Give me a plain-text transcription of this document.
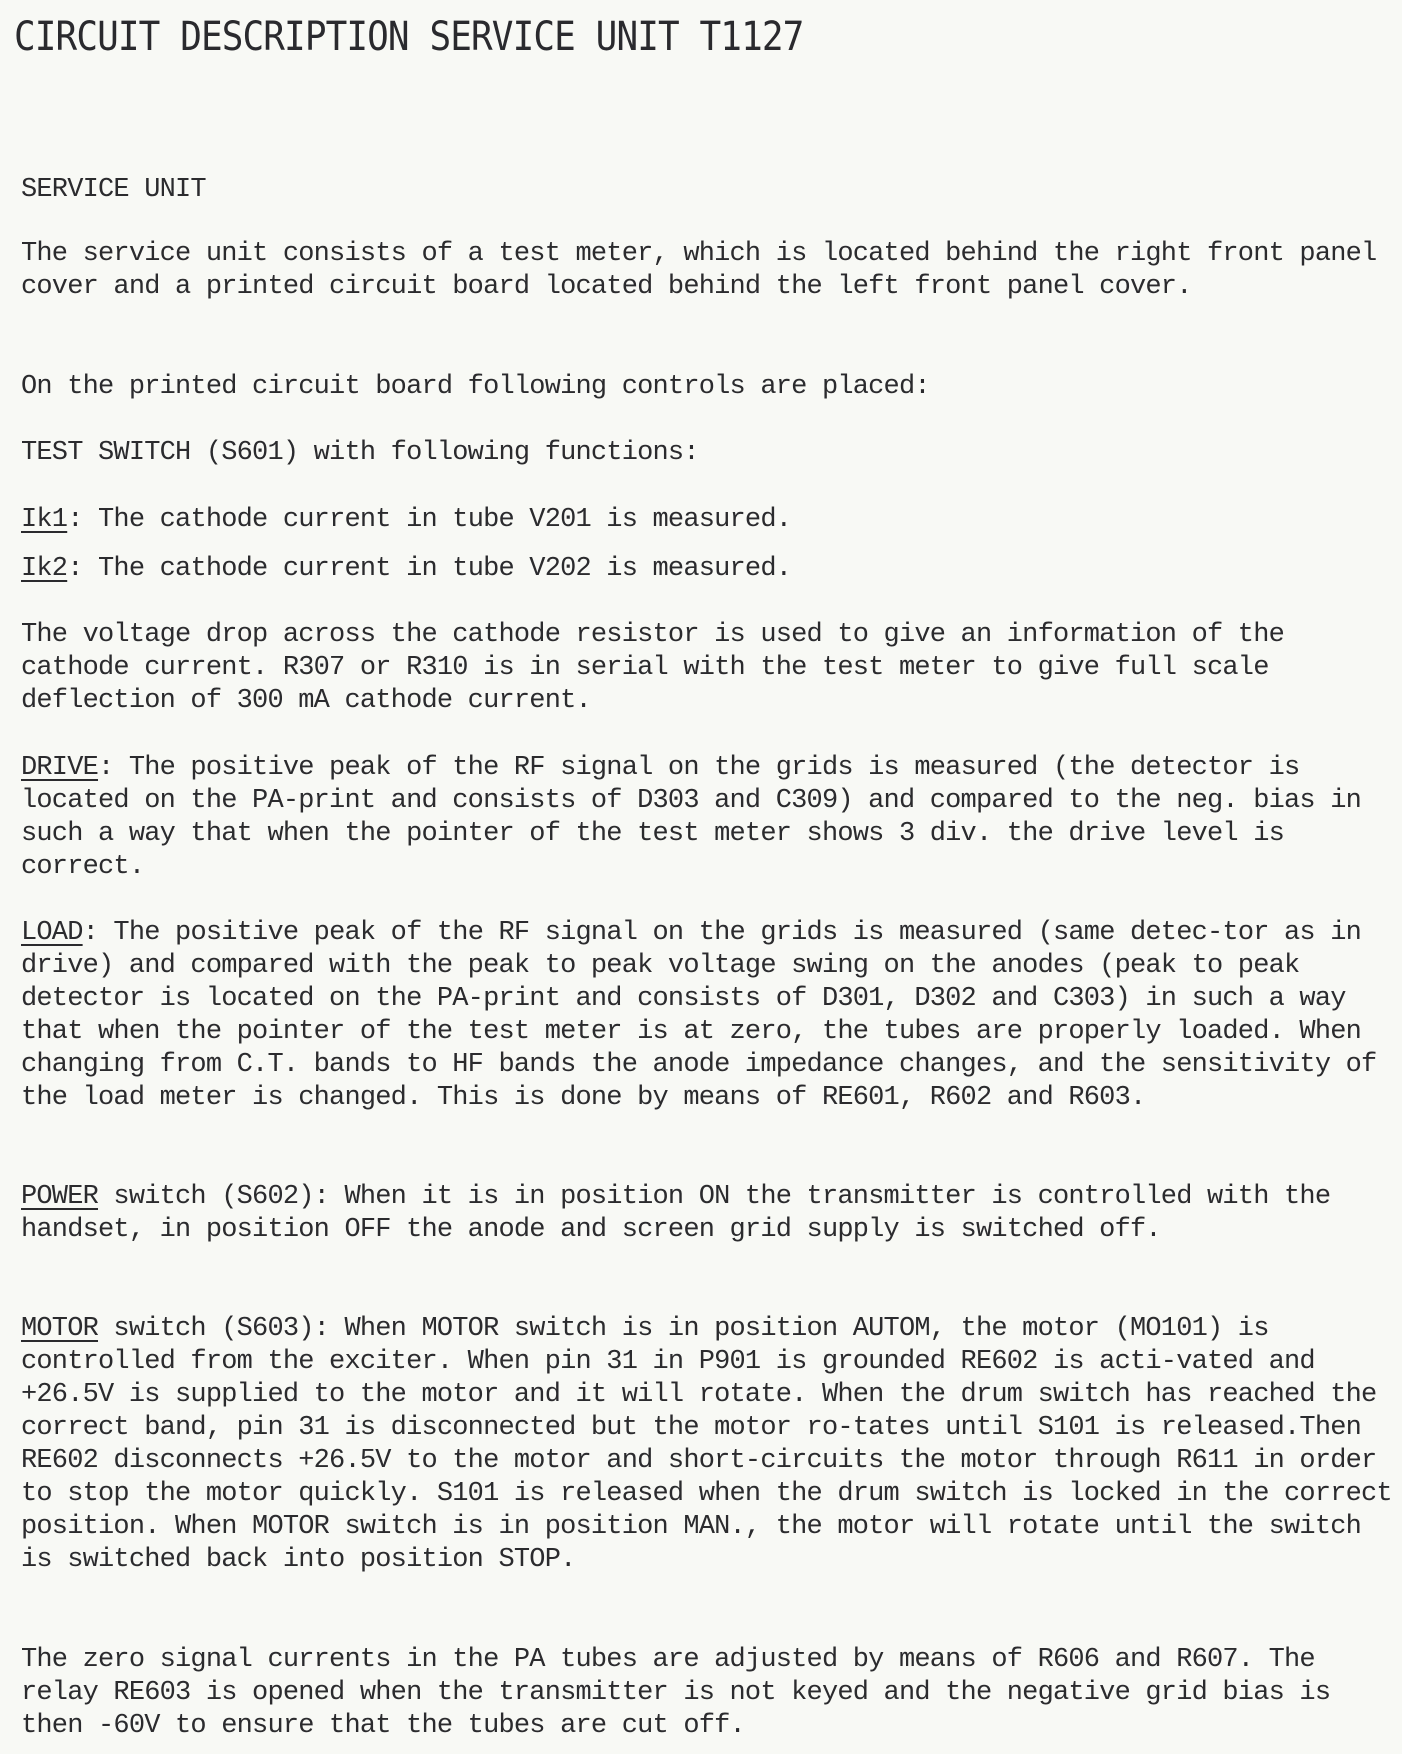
CIRCUIT DESCRIPTION SERVICE UNIT T1127
SERVICE UNIT
The service unit consists of a test meter, which is located behind the right front panel cover and a printed circuit board located behind the left front panel cover.
On the printed circuit board following controls are placed:
TEST SWITCH (S601) with following functions:
Ik1: The cathode current in tube V201 is measured.
Ik2: The cathode current in tube V202 is measured.
The voltage drop across the cathode resistor is used to give an information of the cathode current. R307 or R310 is in serial with the test meter to give full scale deflection of 300 mA cathode current.
DRIVE: The positive peak of the RF signal on the grids is measured (the detector is located on the PA-print and consists of D303 and C309) and compared to the neg. bias in such a way that when the pointer of the test meter shows 3 div. the drive level is correct.
LOAD: The positive peak of the RF signal on the grids is measured (same detec-tor as in drive) and compared with the peak to peak voltage swing on the anodes (peak to peak detector is located on the PA-print and consists of D301, D302 and C303) in such a way that when the pointer of the test meter is at zero, the tubes are properly loaded. When changing from C.T. bands to HF bands the anode impedance changes, and the sensitivity of the load meter is changed. This is done by means of RE601, R602 and R603.
POWER switch (S602): When it is in position ON the transmitter is controlled with the handset, in position OFF the anode and screen grid supply is switched off.
MOTOR switch (S603): When MOTOR switch is in position AUTOM, the motor (MO101) is controlled from the exciter. When pin 31 in P901 is grounded RE602 is acti-vated and +26.5V is supplied to the motor and it will rotate. When the drum switch has reached the correct band, pin 31 is disconnected but the motor ro-tates until S101 is released.Then RE602 disconnects +26.5V to the motor and short-circuits the motor through R611 in order to stop the motor quickly. S101 is released when the drum switch is locked in the correct position. When MOTOR switch is in position MAN., the motor will rotate until the switch is switched back into position STOP.
The zero signal currents in the PA tubes are adjusted by means of R606 and R607. The relay RE603 is opened when the transmitter is not keyed and the negative grid bias is then -60V to ensure that the tubes are cut off.
